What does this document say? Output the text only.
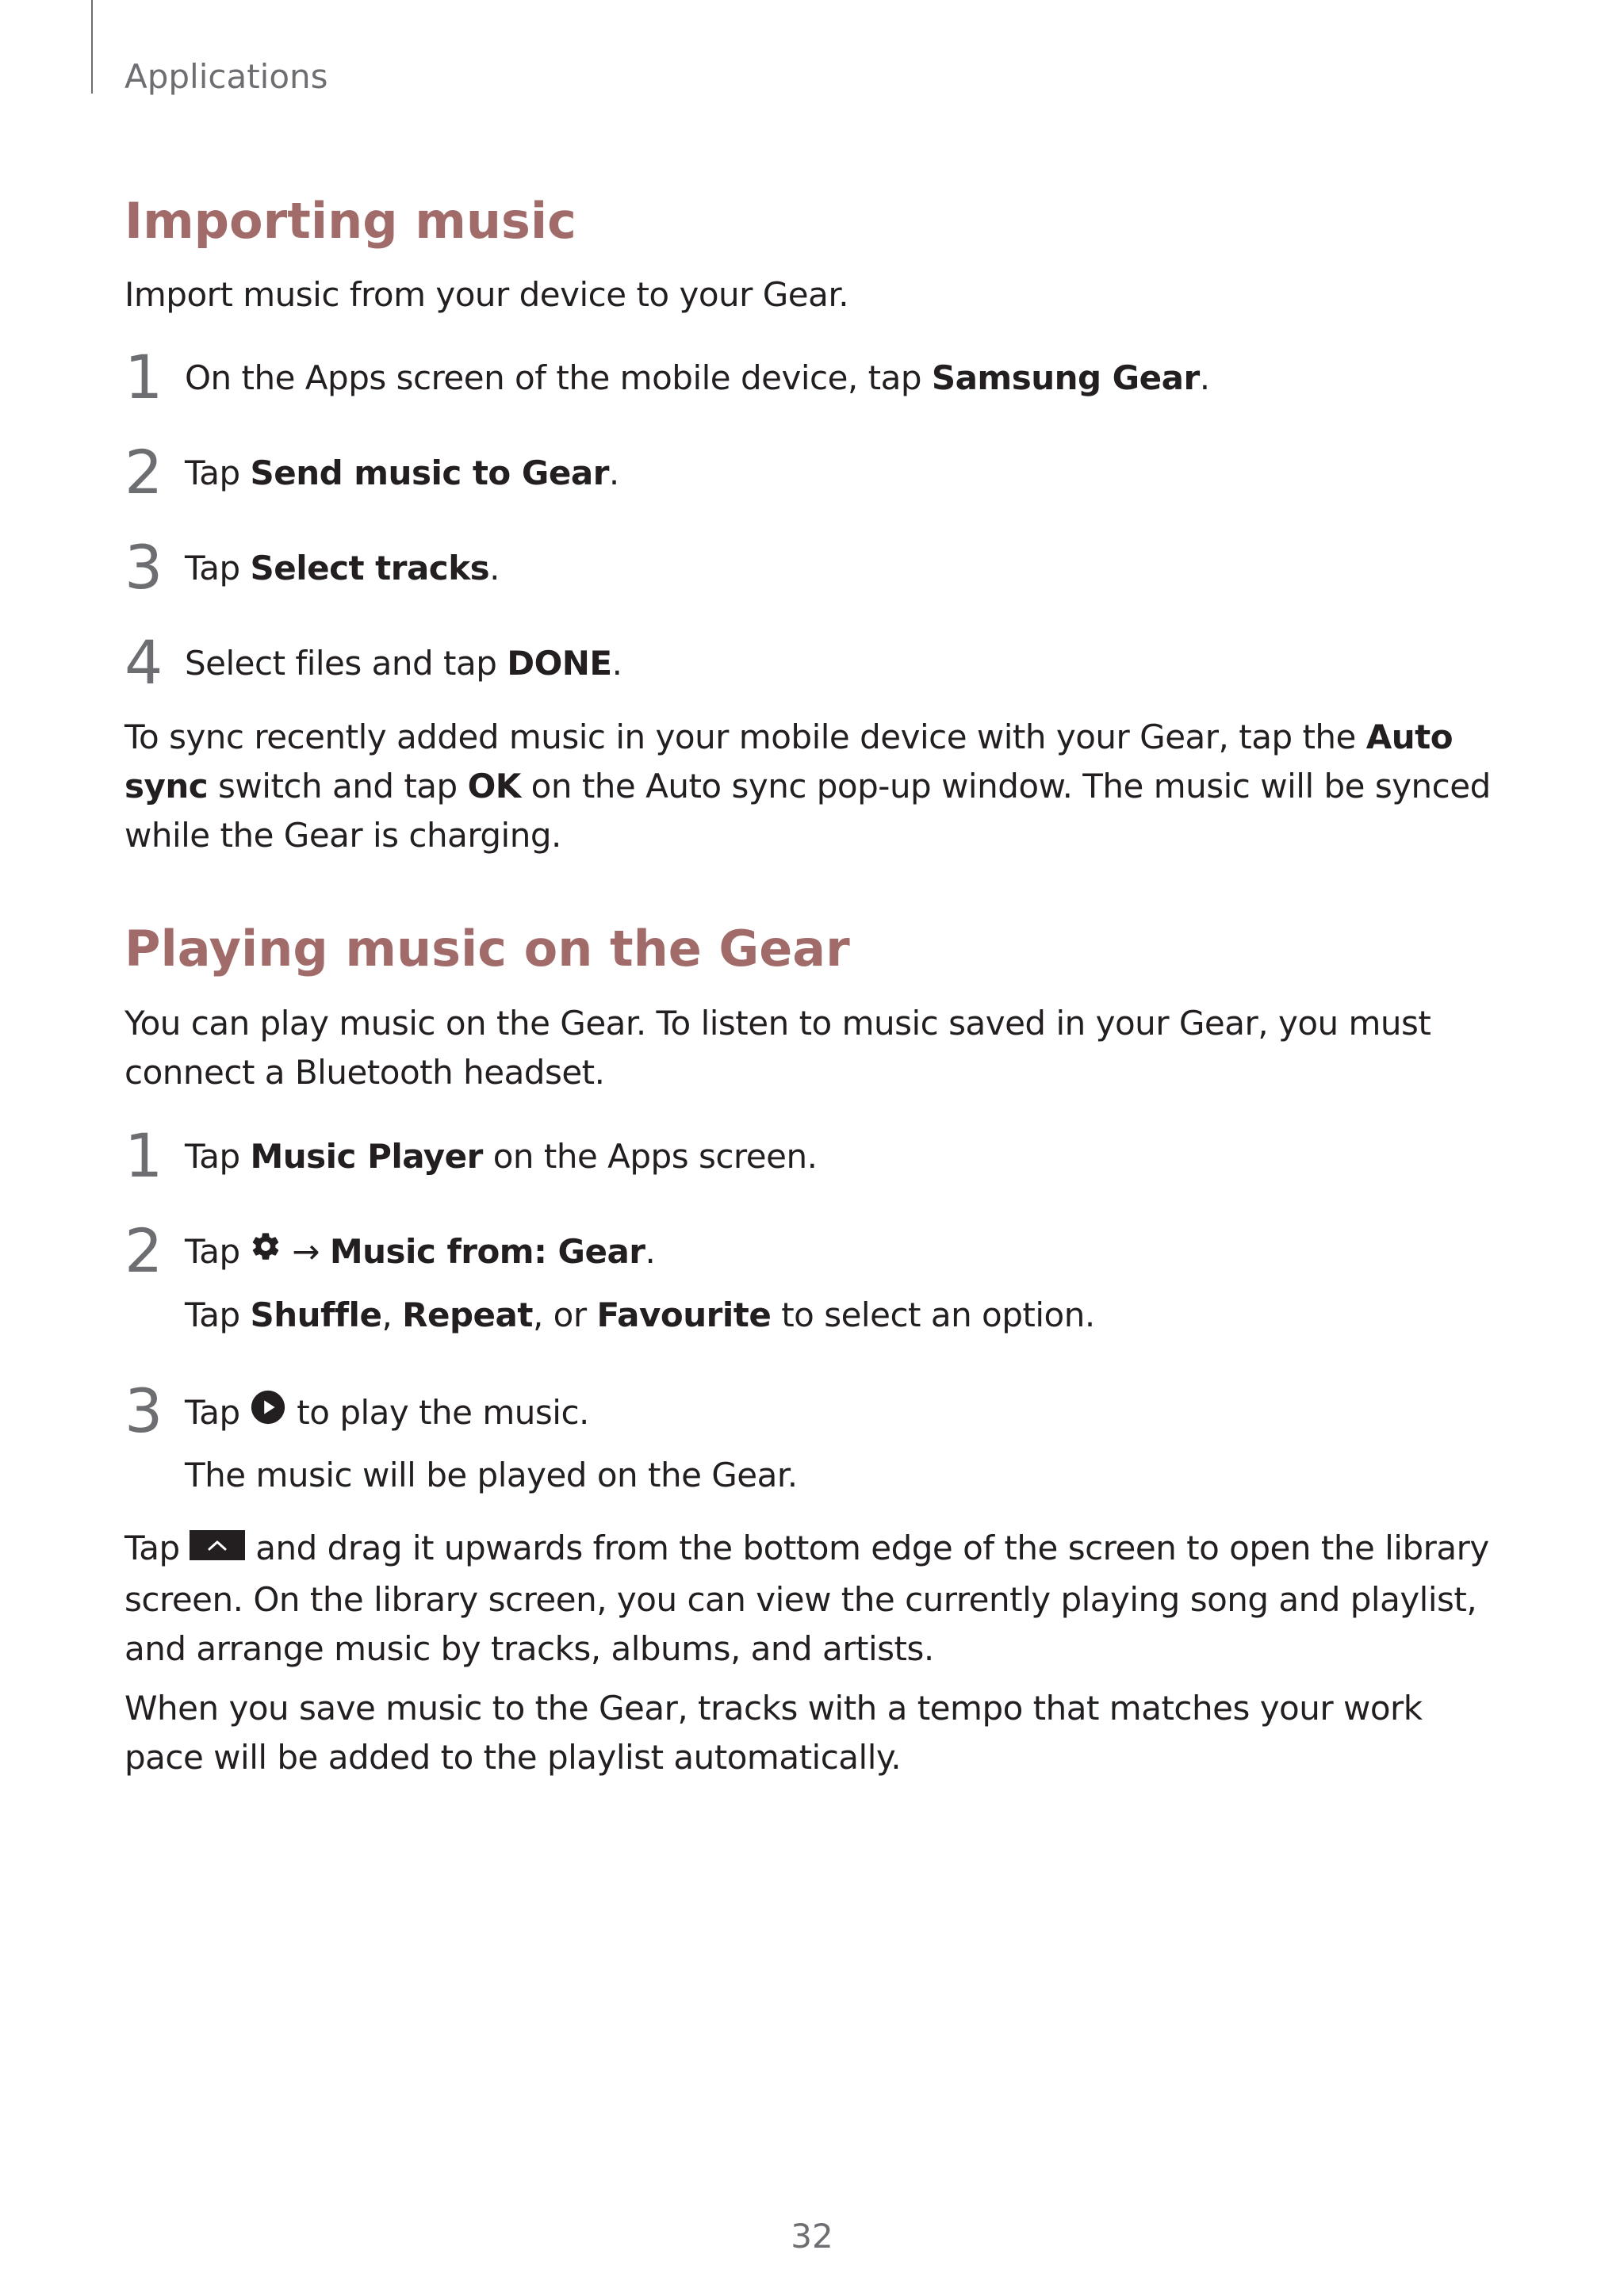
Applications
Importing music
Import music from your device to your Gear.
1 On the Apps screen of the mobile device, tap Samsung Gear.
2 Tap Send music to Gear.
3 Tap Select tracks.
4 Select files and tap DONE.
To sync recently added music in your mobile device with your Gear, tap the Auto sync switch and tap OK on the Auto sync pop-up window. The music will be synced while the Gear is charging.
Playing music on the Gear
You can play music on the Gear. To listen to music saved in your Gear, you must connect a Bluetooth headset.
1 Tap Music Player on the Apps screen.
2 Tap  → Music from: Gear.
Tap Shuffle, Repeat, or Favourite to select an option.
3 Tap  to play the music.
The music will be played on the Gear.
Tap  and drag it upwards from the bottom edge of the screen to open the library screen. On the library screen, you can view the currently playing song and playlist, and arrange music by tracks, albums, and artists.
When you save music to the Gear, tracks with a tempo that matches your work pace will be added to the playlist automatically.
32
